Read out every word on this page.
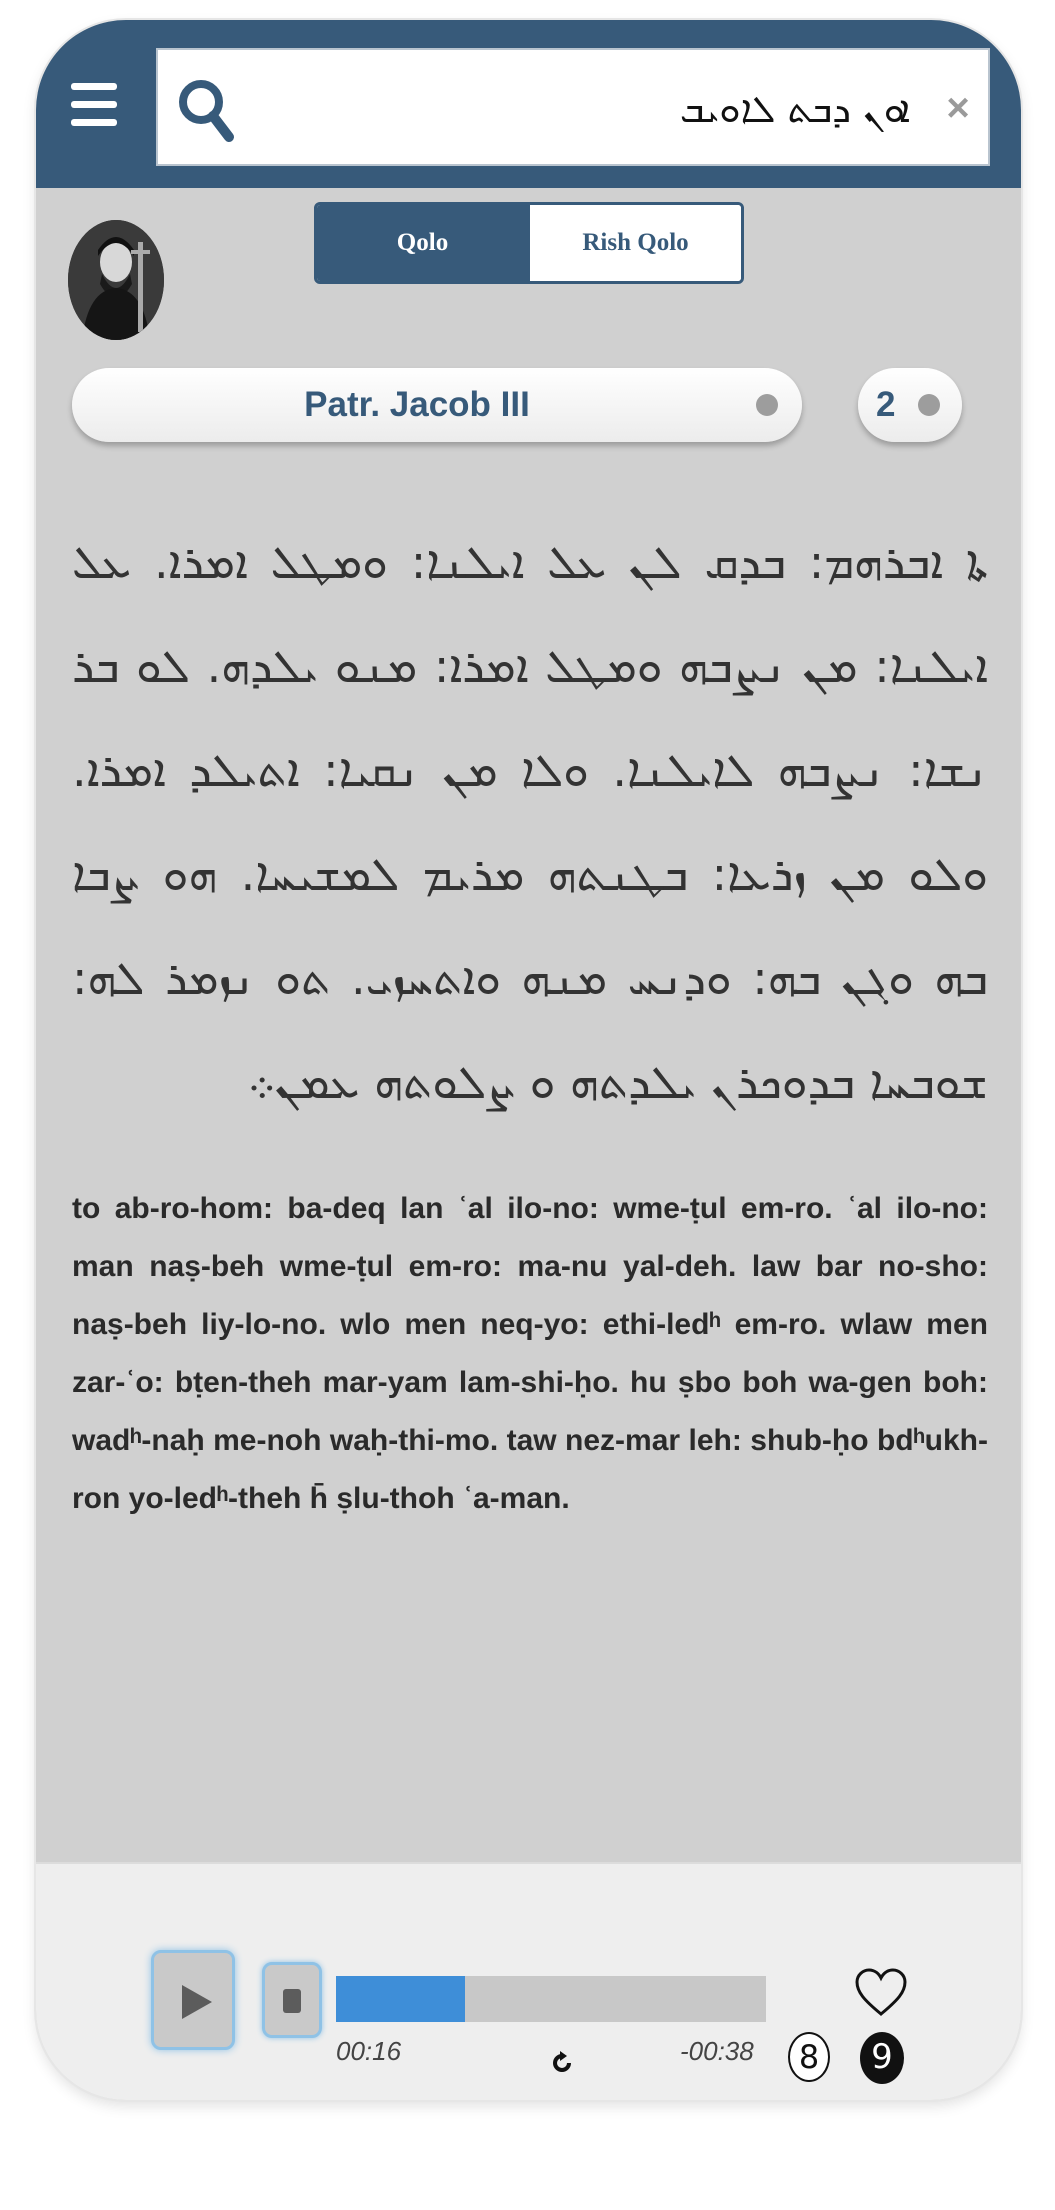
ܐܘܢ ܕܒܬ ܠܐܘܝܒ
×
Qolo	Rish Qolo
Patr. Jacob III	2
ܬܐ ܐܒܪܗܡ: ܒܕܩ ܠܢ ܥܠ ܐܝܠܢܐ: ܘܡܛܠ ܐܡܪܐ. ܥܠ ܐܝܠܢܐ: ܡܢ ܢܨܒܗ ܘܡܛܠ ܐܡܪܐ: ܡܢܘ ܝܠܕܗ. ܠܘ ܒܪ ܢܫܐ: ܢܨܒܗ ܠܐܝܠܢܐ. ܘܠܐ ܡܢ ܢܩܝܐ: ܐܬܝܠܕ ܐܡܪܐ. ܘܠܘ ܡܢ ܙܪܥܐ: ܒܛܢܬܗ ܡܪܝܡ ܠܡܫܝܚܐ. ܗܘ ܨܒܐ ܒܗ ܘܓܢ ܒܗ: ܘܕܢܚ ܡܢܗ ܘܐܬܚܙܝ. ܬܘ ܢܙܡܪ ܠܗ: ܫܘܒܚܐ ܒܕܘܟܪܢ ܝܠܕܬܗ ܘ ܨܠܘܬܗ ܥܡܢ܀
to ab-ro-hom: ba-deq lan ʿal ilo-no: wme-ṭul em-ro. ʿal ilo-no: man naṣ-beh wme-ṭul em-ro: ma-nu yal-deh. law bar no-sho: naṣ-beh liy-lo-no. wlo men neq-yo: ethi-ledʰ em-ro. wlaw men zar-ʿo: bṭen-theh mar-yam lam-shi-ḥo. hu ṣbo boh wa-gen boh: wadʰ-naḥ me-noh waḥ-thi-mo. taw nez-mar leh: shub-ḥo bdʰukh-ron yo-ledʰ-theh h̄ ṣlu-thoh ʿa-man.
00:16	-00:38	8	9
